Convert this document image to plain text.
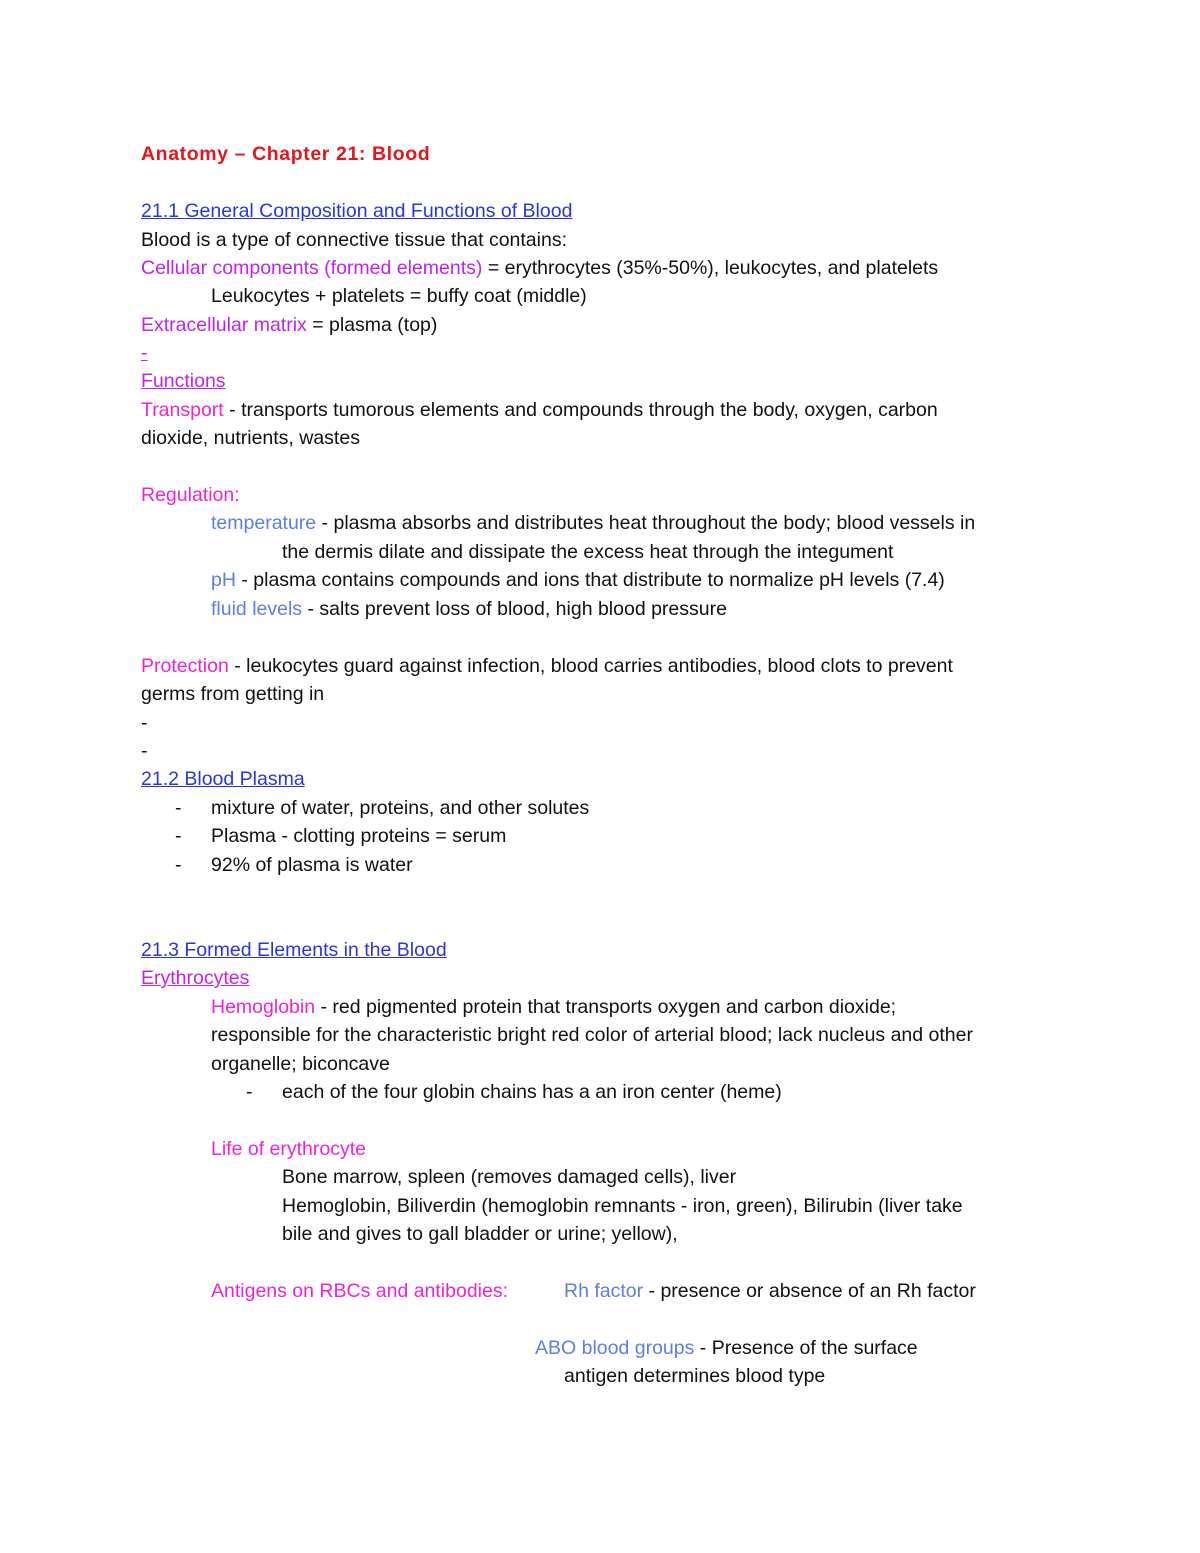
Anatomy – Chapter 21: Blood
21.1 General Composition and Functions of Blood
Blood is a type of connective tissue that contains:
Cellular components (formed elements) = erythrocytes (35%-50%), leukocytes, and platelets
Leukocytes + platelets = buffy coat (middle)
Extracellular matrix = plasma (top)
-
Functions
Transport - transports tumorous elements and compounds through the body, oxygen, carbon
dioxide, nutrients, wastes
Regulation:
temperature - plasma absorbs and distributes heat throughout the body; blood vessels in
the dermis dilate and dissipate the excess heat through the integument
pH - plasma contains compounds and ions that distribute to normalize pH levels (7.4)
fluid levels - salts prevent loss of blood, high blood pressure
Protection - leukocytes guard against infection, blood carries antibodies, blood clots to prevent
germs from getting in
-
-
21.2 Blood Plasma
- mixture of water, proteins, and other solutes
- Plasma - clotting proteins = serum
- 92% of plasma is water
21.3 Formed Elements in the Blood
Erythrocytes
Hemoglobin - red pigmented protein that transports oxygen and carbon dioxide;
responsible for the characteristic bright red color of arterial blood; lack nucleus and other
organelle; biconcave
- each of the four globin chains has a an iron center (heme)
Life of erythrocyte
Bone marrow, spleen (removes damaged cells), liver
Hemoglobin, Biliverdin (hemoglobin remnants - iron, green), Bilirubin (liver take
bile and gives to gall bladder or urine; yellow),
Antigens on RBCs and antibodies:	Rh factor - presence or absence of an Rh factor
ABO blood groups - Presence of the surface
antigen determines blood type
